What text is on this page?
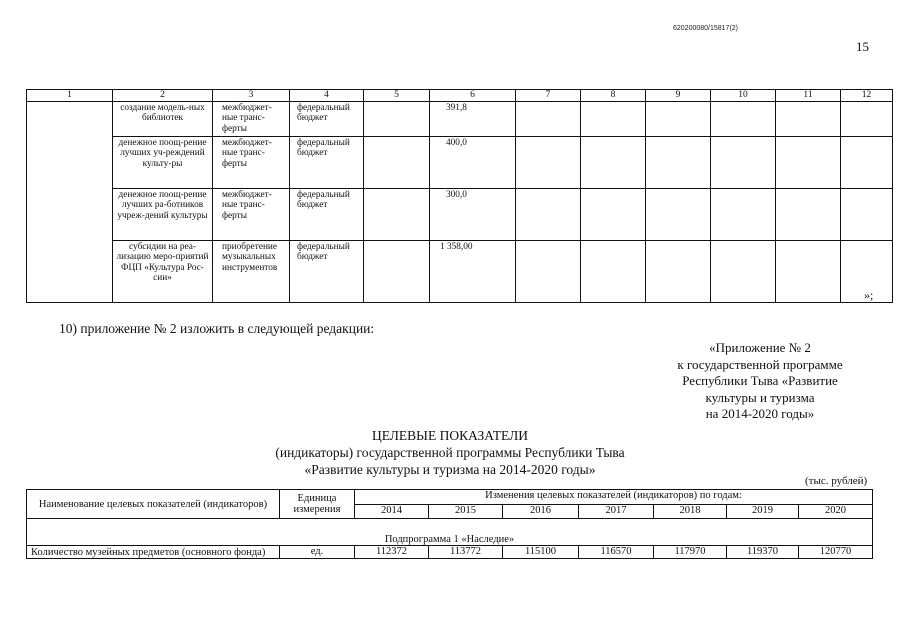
620200080/15817(2)
15
1	2	3	4	5	6	7	8	9	10	11	12
	создание модель-ных библиотек	межбюджет-ные транс-ферты	федеральный бюджет		391,8						
	денежное поощ-рение лучших уч-реждений культу-ры	межбюджет-ные транс-ферты	федеральный бюджет		400,0						
	денежное поощ-рение лучших ра-ботников учреж-дений культуры	межбюджет-ные транс-ферты	федеральный бюджет		300,0						
	субсидии на реа-лизацию меро-приятий ФЦП «Культура Рос-сии»	приобретение музыкальных инструментов	федеральный бюджет		1 358,00						
»;
10) приложение № 2 изложить в следующей редакции:
«Приложение № 2
к государственной программе
Республики Тыва «Развитие
культуры и туризма
на 2014-2020 годы»
ЦЕЛЕВЫЕ ПОКАЗАТЕЛИ
(индикаторы) государственной программы Республики Тыва
«Развитие культуры и туризма на 2014-2020 годы»
(тыс. рублей)
Наименование целевых показателей (индикаторов)	Единица измерения	Изменения целевых показателей (индикаторов) по годам:						
		2014	2015	2016	2017	2018	2019	2020
Подпрограмма 1 «Наследие»								
Количество музейных предметов (основного фонда)	ед.	112372	113772	115100	116570	117970	119370	120770
